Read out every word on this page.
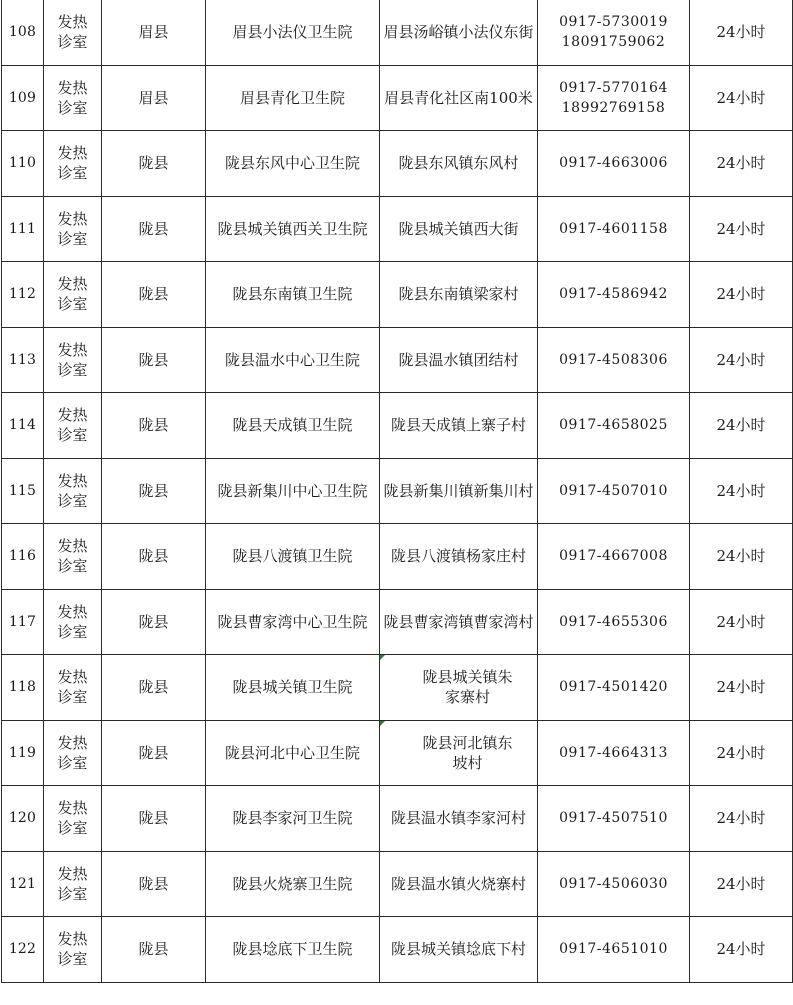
108	发热诊室	眉县	眉县小法仪卫生院	眉县汤峪镇小法仪东街	0917-5730019 18091759062	24小时
109	发热诊室	眉县	眉县青化卫生院	眉县青化社区南100米	0917-5770164 18992769158	24小时
110	发热诊室	陇县	陇县东风中心卫生院	陇县东风镇东风村	0917-4663006	24小时
111	发热诊室	陇县	陇县城关镇西关卫生院	陇县城关镇西大街	0917-4601158	24小时
112	发热诊室	陇县	陇县东南镇卫生院	陇县东南镇梁家村	0917-4586942	24小时
113	发热诊室	陇县	陇县温水中心卫生院	陇县温水镇团结村	0917-4508306	24小时
114	发热诊室	陇县	陇县天成镇卫生院	陇县天成镇上寨子村	0917-4658025	24小时
115	发热诊室	陇县	陇县新集川中心卫生院	陇县新集川镇新集川村	0917-4507010	24小时
116	发热诊室	陇县	陇县八渡镇卫生院	陇县八渡镇杨家庄村	0917-4667008	24小时
117	发热诊室	陇县	陇县曹家湾中心卫生院	陇县曹家湾镇曹家湾村	0917-4655306	24小时
118	发热诊室	陇县	陇县城关镇卫生院	陇县城关镇朱家寨村	0917-4501420	24小时
119	发热诊室	陇县	陇县河北中心卫生院	陇县河北镇东坡村	0917-4664313	24小时
120	发热诊室	陇县	陇县李家河卫生院	陇县温水镇李家河村	0917-4507510	24小时
121	发热诊室	陇县	陇县火烧寨卫生院	陇县温水镇火烧寨村	0917-4506030	24小时
122	发热诊室	陇县	陇县埝底下卫生院	陇县城关镇埝底下村	0917-4651010	24小时
